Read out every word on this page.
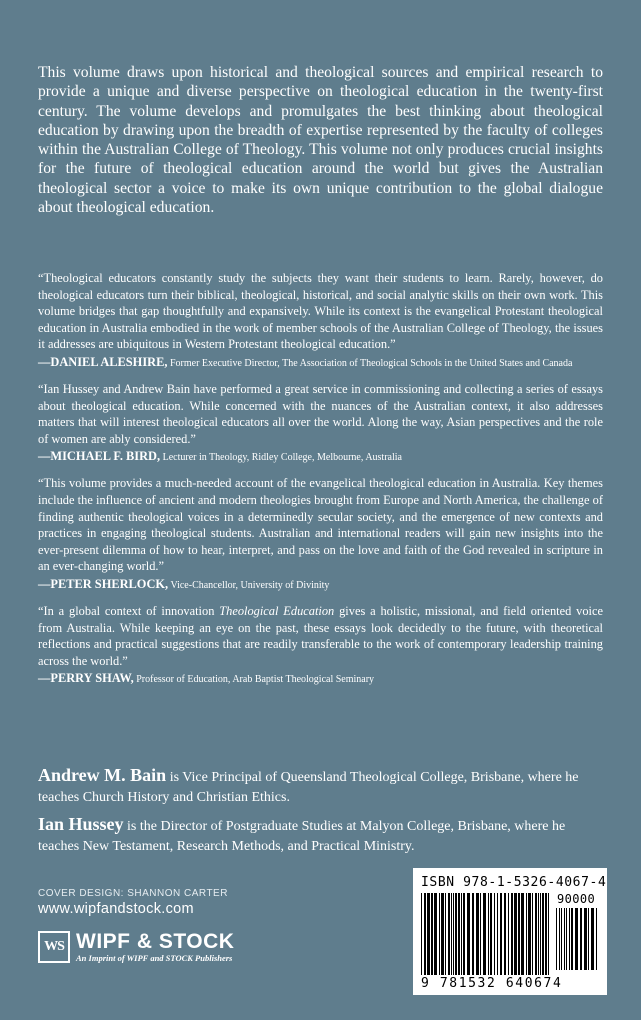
This volume draws upon historical and theological sources and empirical research to provide a unique and diverse perspective on theological education in the twenty-first century. The volume develops and promulgates the best thinking about theological education by drawing upon the breadth of expertise represented by the faculty of colleges within the Australian College of Theology. This volume not only produces crucial insights for the future of theological education around the world but gives the Australian theological sector a voice to make its own unique contribution to the global dialogue about theological education.

“Theological educators constantly study the subjects they want their students to learn. Rarely, however, do theological educators turn their biblical, theological, historical, and social analytic skills on their own work. This volume bridges that gap thoughtfully and expansively. While its context is the evangelical Protestant theological education in Australia embodied in the work of member schools of the Australian College of Theology, the issues it addresses are ubiquitous in Western Protestant theological education.”

—DANIEL ALESHIRE, Former Executive Director, The Association of Theological Schools in the United States and Canada

“Ian Hussey and Andrew Bain have performed a great service in commissioning and collecting a series of essays about theological education. While concerned with the nuances of the Australian context, it also addresses matters that will interest theological educators all over the world. Along the way, Asian perspectives and the role of women are ably considered.”

—MICHAEL F. BIRD, Lecturer in Theology, Ridley College, Melbourne, Australia

“This volume provides a much-needed account of the evangelical theological education in Australia. Key themes include the influence of ancient and modern theologies brought from Europe and North America, the challenge of finding authentic theological voices in a determinedly secular society, and the emergence of new contexts and practices in engaging theological students. Australian and international readers will gain new insights into the ever-present dilemma of how to hear, interpret, and pass on the love and faith of the God revealed in scripture in an ever-changing world.”

—PETER SHERLOCK, Vice-Chancellor, University of Divinity

“In a global context of innovation Theological Education gives a holistic, missional, and field oriented voice from Australia. While keeping an eye on the past, these essays look decidedly to the future, with theoretical reflections and practical suggestions that are readily transferable to the work of contemporary leadership training across the world.”

—PERRY SHAW, Professor of Education, Arab Baptist Theological Seminary

Andrew M. Bain is Vice Principal of Queensland Theological College, Brisbane, where he teaches Church History and Christian Ethics.

Ian Hussey is the Director of Postgraduate Studies at Malyon College, Brisbane, where he teaches New Testament, Research Methods, and Practical Ministry.

COVER DESIGN: SHANNON CARTER

www.wipfandstock.com

WS WIPF & STOCK
An Imprint of WIPF and STOCK Publishers
ISBN 978-1-5326-4067-4
90000
9 781532 640674
